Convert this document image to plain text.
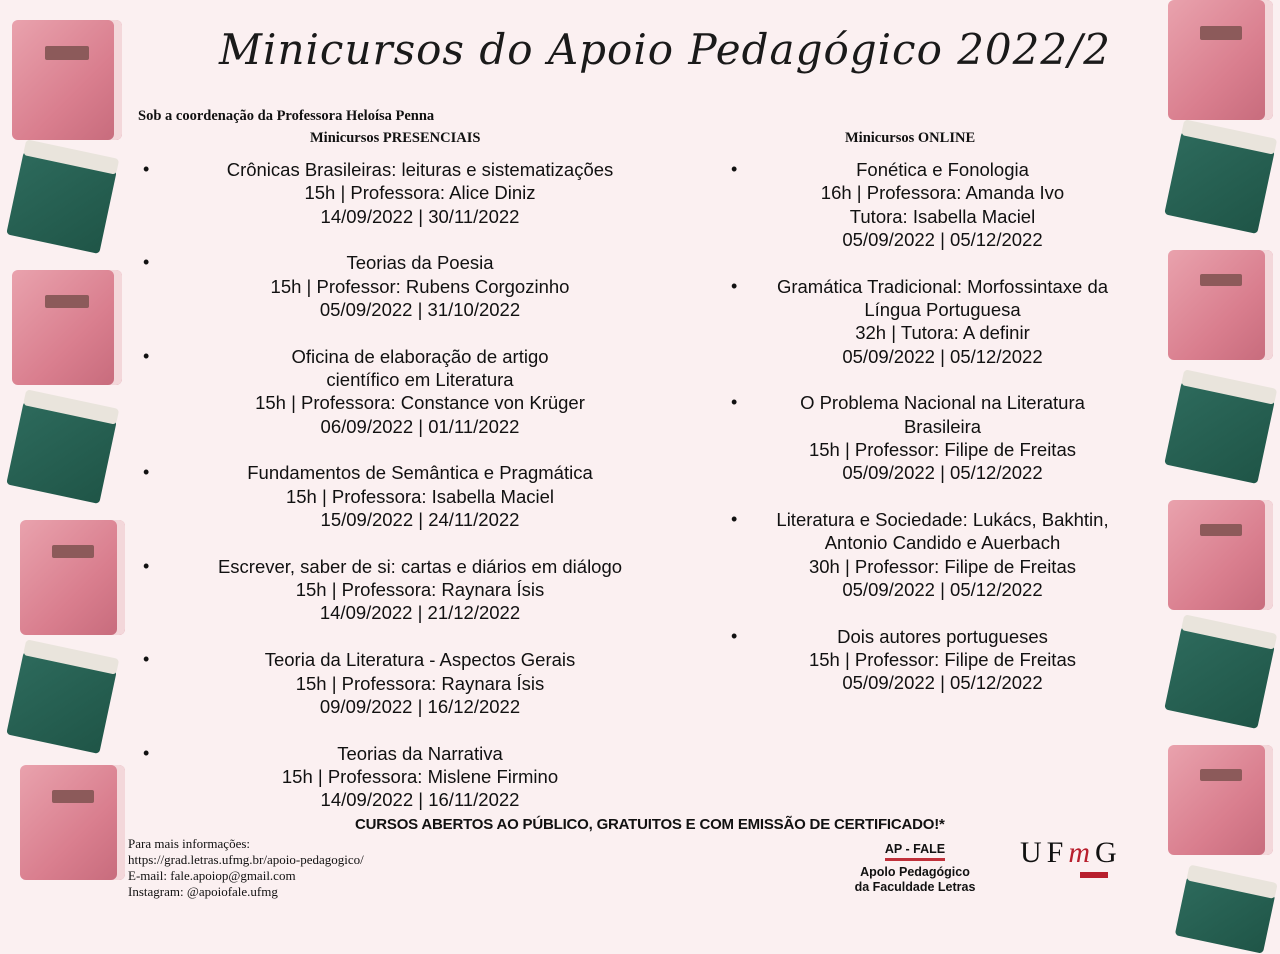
Minicursos do Apoio Pedagógico 2022/2
Sob a coordenação da Professora Heloísa Penna
Minicursos PRESENCIAIS	Minicursos ONLINE
•	Crônicas Brasileiras: leituras e sistematizações
15h | Professora: Alice Diniz
14/09/2022 | 30/11/2022
•	Teorias da Poesia
15h | Professor: Rubens Corgozinho
05/09/2022 | 31/10/2022
•	Oficina de elaboração de artigo
científico em Literatura
15h | Professora: Constance von Krüger
06/09/2022 | 01/11/2022
•	Fundamentos de Semântica e Pragmática
15h | Professora: Isabella Maciel
15/09/2022 | 24/11/2022
•	Escrever, saber de si: cartas e diários em diálogo
15h | Professora: Raynara Ísis
14/09/2022 | 21/12/2022
•	Teoria da Literatura - Aspectos Gerais
15h | Professora: Raynara Ísis
09/09/2022 | 16/12/2022
•	Teorias da Narrativa
15h | Professora: Mislene Firmino
14/09/2022 | 16/11/2022
•	Fonética e Fonologia
16h | Professora: Amanda Ivo
Tutora: Isabella Maciel
05/09/2022 | 05/12/2022
•	Gramática Tradicional: Morfossintaxe da
Língua Portuguesa
32h | Tutora: A definir
05/09/2022 | 05/12/2022
•	O Problema Nacional na Literatura
Brasileira
15h | Professor: Filipe de Freitas
05/09/2022 | 05/12/2022
•	Literatura e Sociedade: Lukács, Bakhtin,
Antonio Candido e Auerbach
30h | Professor: Filipe de Freitas
05/09/2022 | 05/12/2022
•	Dois autores portugueses
15h | Professor: Filipe de Freitas
05/09/2022 | 05/12/2022
CURSOS ABERTOS AO PÚBLICO, GRATUITOS E COM EMISSÃO DE CERTIFICADO!*
Para mais informações:
https://grad.letras.ufmg.br/apoio-pedagogico/
E-mail: fale.apoiop@gmail.com
Instagram: @apoiofale.ufmg
AP - FALE
Apolo Pedagógico
da Faculdade Letras
UFmG
